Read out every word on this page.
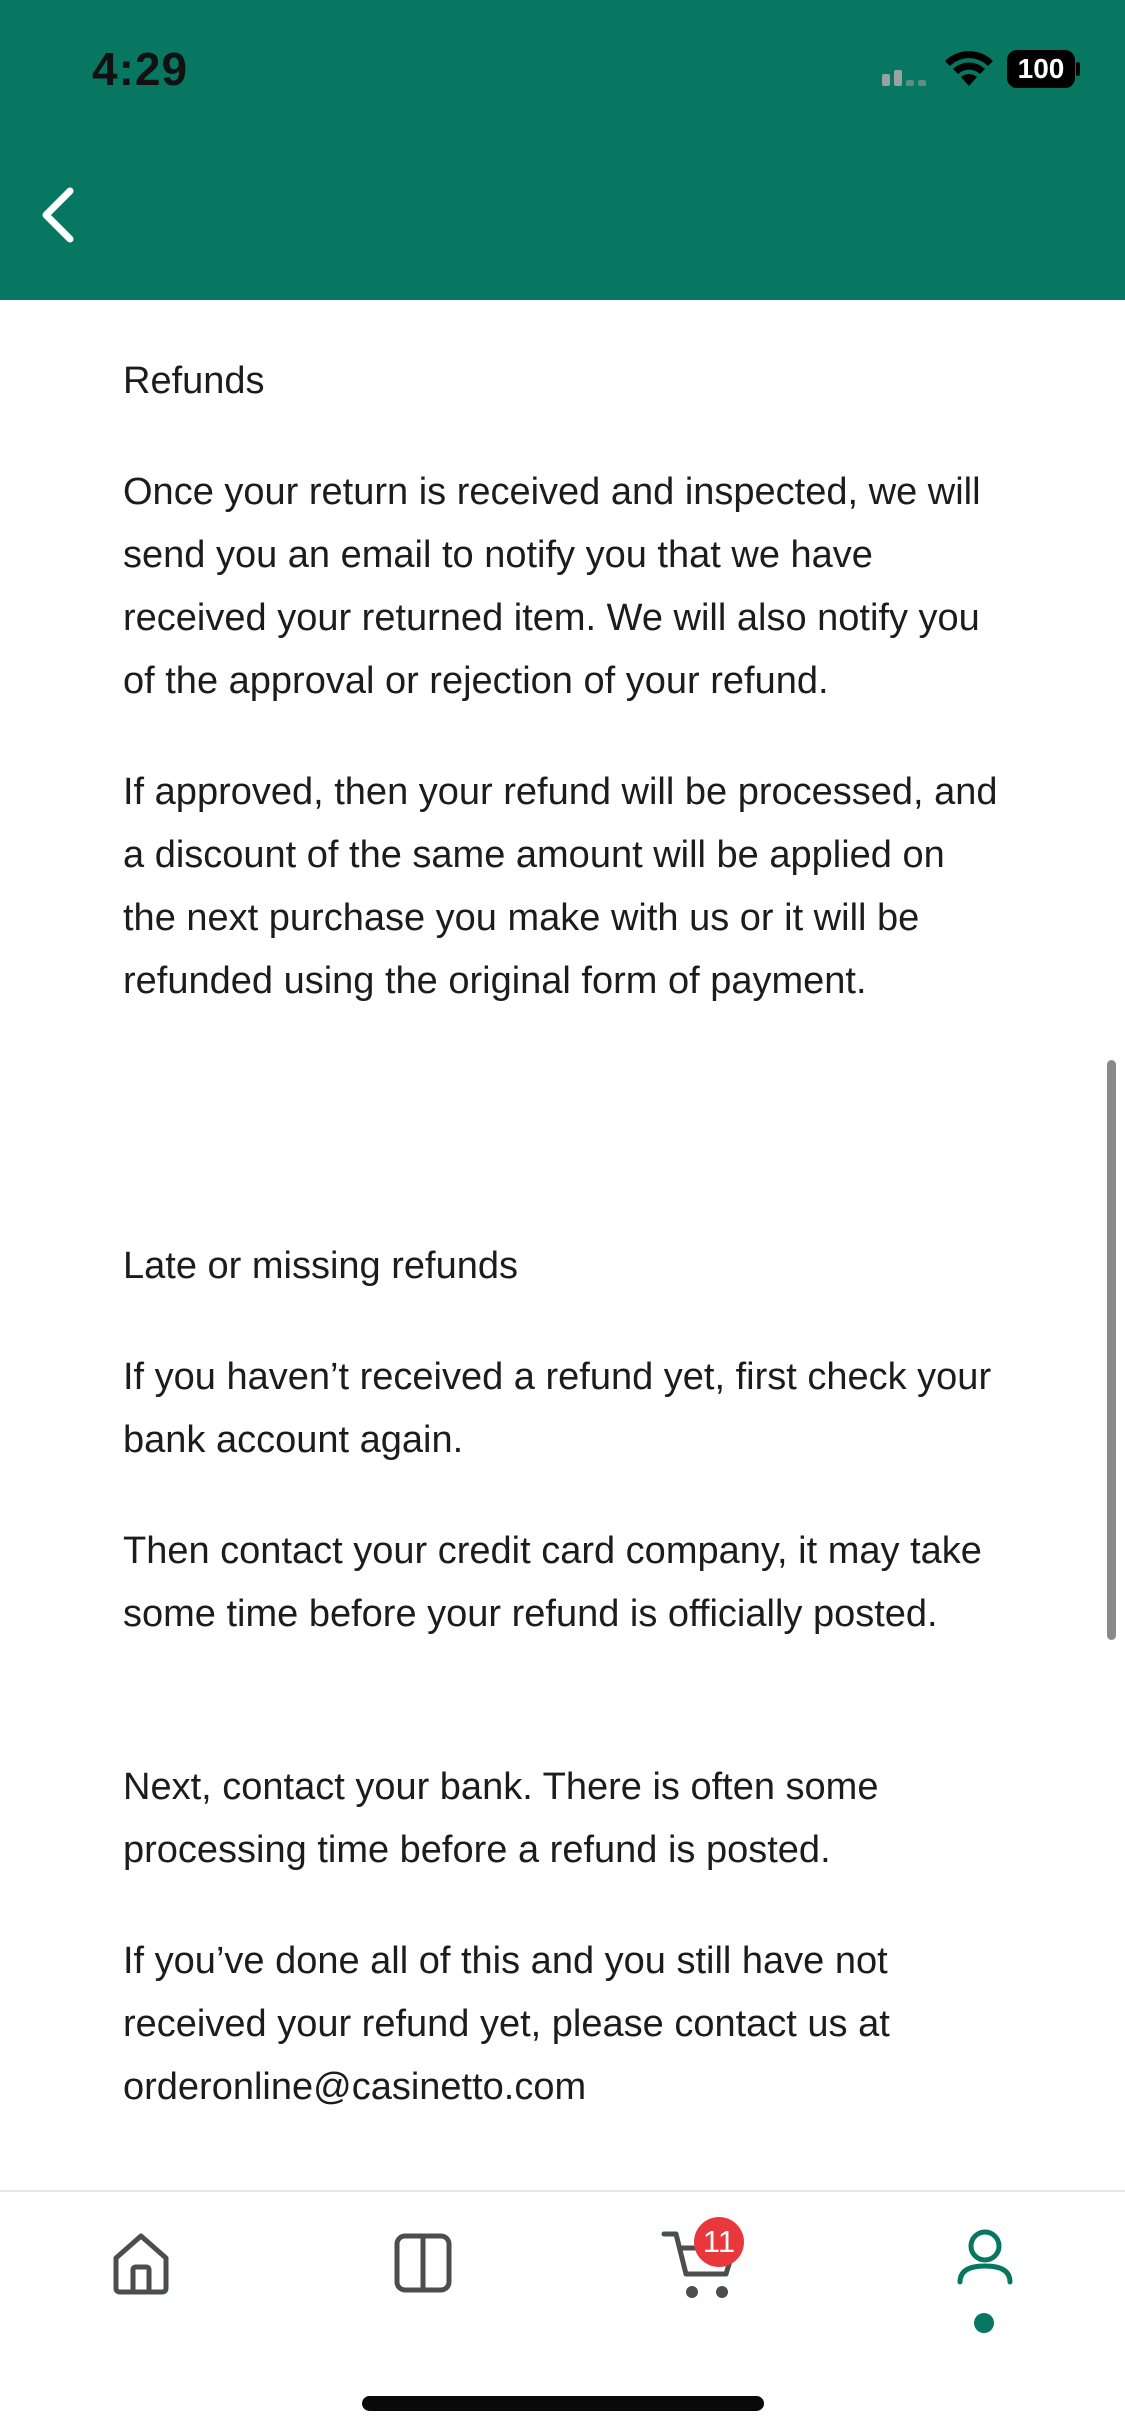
4:29	100
Refunds
Once your return is received and inspected, we will send you an email to notify you that we have received your returned item. We will also notify you of the approval or rejection of your refund.
If approved, then your refund will be processed, and a discount of the same amount will be applied on the next purchase you make with us or it will be refunded using the original form of payment.
Late or missing refunds
If you haven’t received a refund yet, first check your bank account again.
Then contact your credit card company, it may take some time before your refund is officially posted.
Next, contact your bank. There is often some processing time before a refund is posted.
If you’ve done all of this and you still have not received your refund yet, please contact us at orderonline@casinetto.com
11
